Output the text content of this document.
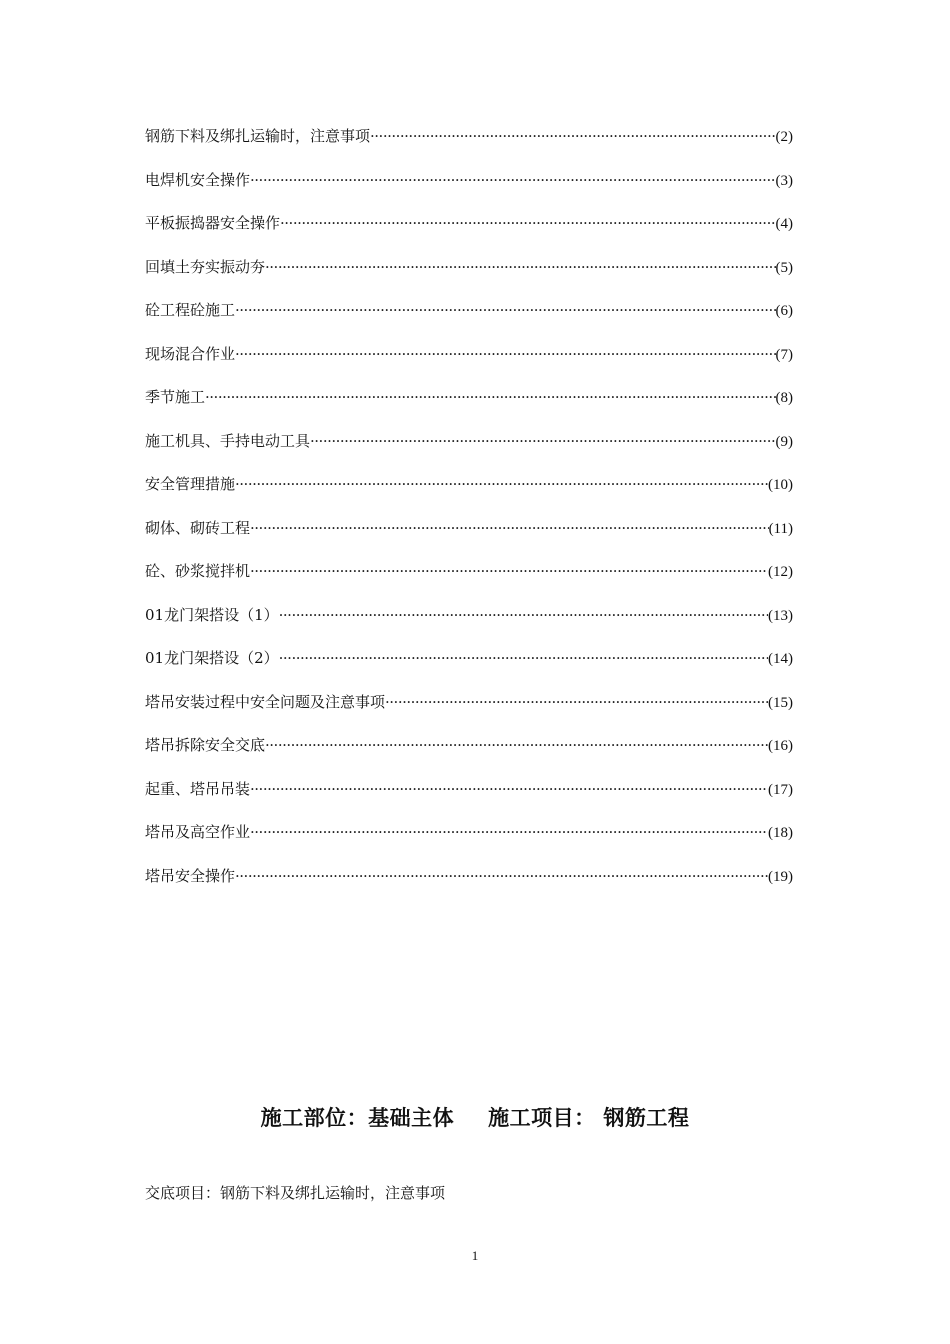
钢筋下料及绑扎运输时，注意事项 ·····	(2)
电焊机安全操作 ·····	(3)
平板振捣器安全操作 ·····	(4)
回填土夯实振动夯 ·····	(5)
砼工程砼施工 ·····	(6)
现场混合作业 ·····	(7)
季节施工 ·····	(8)
施工机具、手持电动工具 ·····	(9)
安全管理措施 ·····	(10)
砌体、砌砖工程 ·····	(11)
砼、砂浆搅拌机 ·····	(12)
01龙门架搭设（1） ·····	(13)
01龙门架搭设（2） ·····	(14)
塔吊安装过程中安全问题及注意事项 ·····	(15)
塔吊拆除安全交底 ·····	(16)
起重、塔吊吊装 ·····	(17)
塔吊及高空作业 ·····	(18)
塔吊安全操作 ·····	(19)
施工部位：基础主体 施工项目： 钢筋工程
交底项目：钢筋下料及绑扎运输时，注意事项
1
